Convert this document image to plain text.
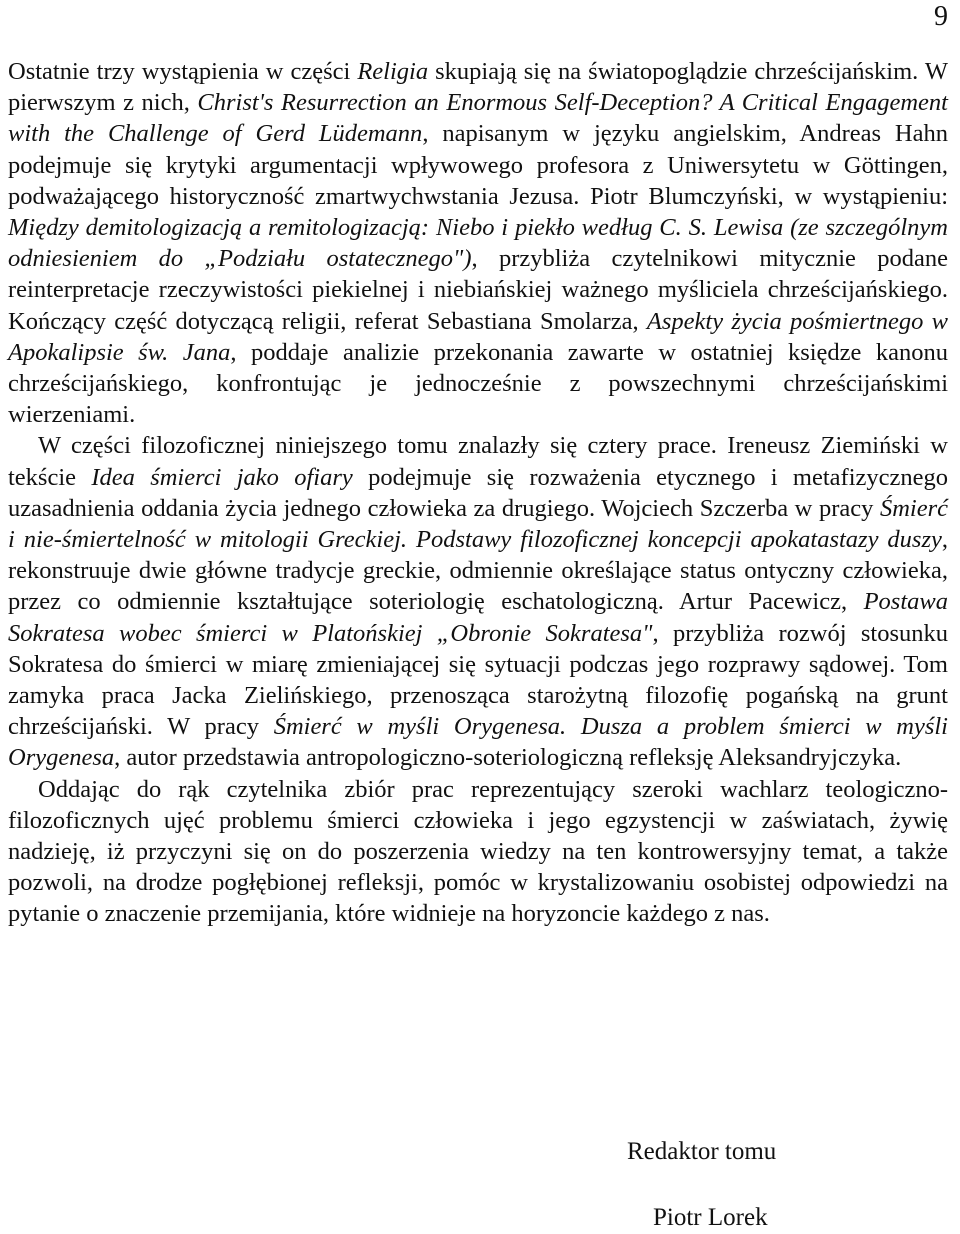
9

Ostatnie trzy wystąpienia w części Religia skupiają się na światopoglądzie chrześcijańskim. W pierwszym z nich, Christ's Resurrection an Enormous Self-Deception? A Critical Engagement with the Challenge of Gerd Lüdemann, napisanym w języku angielskim, Andreas Hahn podejmuje się krytyki argumentacji wpływowego profesora z Uniwersytetu w Göttingen, podważającego historyczność zmartwychwstania Jezusa. Piotr Blumczyński, w wystąpieniu: Między demitologizacją a remitologizacją: Niebo i piekło według C. S. Lewisa (ze szczególnym odniesieniem do „Podziału ostatecznego"), przybliża czytelnikowi mitycznie podane reinterpretacje rzeczywistości piekielnej i niebiańskiej ważnego myśliciela chrześcijańskiego. Kończący część dotyczącą religii, referat Sebastiana Smolarza, Aspekty życia pośmiertnego w Apokalipsie św. Jana, poddaje analizie przekonania zawarte w ostatniej księdze kanonu chrześcijańskiego, konfrontując je jednocześnie z powszechnymi chrześcijańskimi wierzeniami.

W części filozoficznej niniejszego tomu znalazły się cztery prace. Ireneusz Ziemiński w tekście Idea śmierci jako ofiary podejmuje się rozważenia etycznego i metafizycznego uzasadnienia oddania życia jednego człowieka za drugiego. Wojciech Szczerba w pracy Śmierć i nie-śmiertelność w mitologii Greckiej. Podstawy filozoficznej koncepcji apokatastazy duszy, rekonstruuje dwie główne tradycje greckie, odmiennie określające status ontyczny człowieka, przez co odmiennie kształtujące soteriologię eschatologiczną. Artur Pacewicz, Postawa Sokratesa wobec śmierci w Platońskiej „Obronie Sokratesa", przybliża rozwój stosunku Sokratesa do śmierci w miarę zmieniającej się sytuacji podczas jego rozprawy sądowej. Tom zamyka praca Jacka Zielińskiego, przenosząca starożytną filozofię pogańską na grunt chrześcijański. W pracy Śmierć w myśli Orygenesa. Dusza a problem śmierci w myśli Orygenesa, autor przedstawia antropologiczno-soteriologiczną refleksję Aleksandryjczyka.

Oddając do rąk czytelnika zbiór prac reprezentujący szeroki wachlarz teologiczno-filozoficznych ujęć problemu śmierci człowieka i jego egzystencji w zaświatach, żywię nadzieję, iż przyczyni się on do poszerzenia wiedzy na ten kontrowersyjny temat, a także pozwoli, na drodze pogłębionej refleksji, pomóc w krystalizowaniu osobistej odpowiedzi na pytanie o znaczenie przemijania, które widnieje na horyzoncie każdego z nas.

Redaktor tomu
Piotr Lorek
